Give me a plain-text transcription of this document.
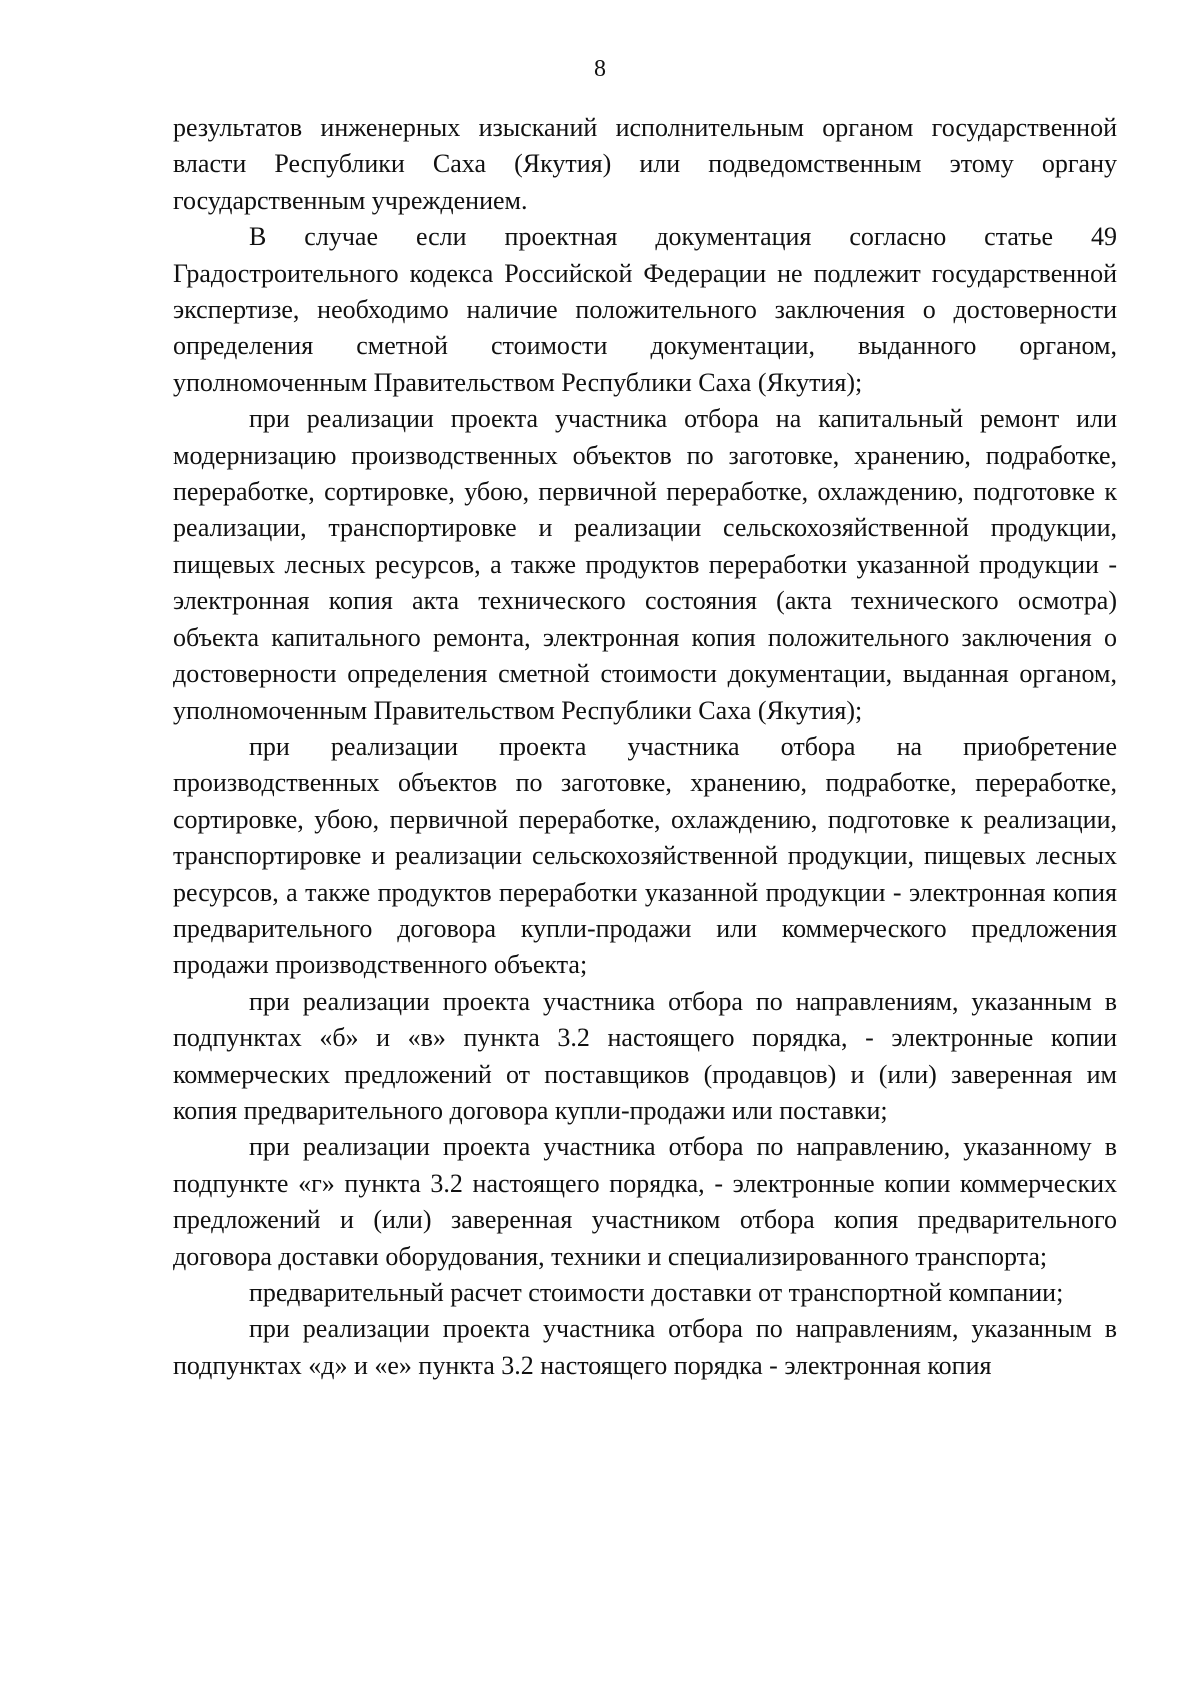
8

результатов инженерных изысканий исполнительным органом государственной власти Республики Саха (Якутия) или подведомственным этому органу государственным учреждением.

В случае если проектная документация согласно статье 49 Градостроительного кодекса Российской Федерации не подлежит государственной экспертизе, необходимо наличие положительного заключения о достоверности определения сметной стоимости документации, выданного органом, уполномоченным Правительством Республики Саха (Якутия);

при реализации проекта участника отбора на капитальный ремонт или модернизацию производственных объектов по заготовке, хранению, подработке, переработке, сортировке, убою, первичной переработке, охлаждению, подготовке к реализации, транспортировке и реализации сельскохозяйственной продукции, пищевых лесных ресурсов, а также продуктов переработки указанной продукции - электронная копия акта технического состояния (акта технического осмотра) объекта капитального ремонта, электронная копия положительного заключения о достоверности определения сметной стоимости документации, выданная органом, уполномоченным Правительством Республики Саха (Якутия);

при реализации проекта участника отбора на приобретение производственных объектов по заготовке, хранению, подработке, переработке, сортировке, убою, первичной переработке, охлаждению, подготовке к реализации, транспортировке и реализации сельскохозяйственной продукции, пищевых лесных ресурсов, а также продуктов переработки указанной продукции - электронная копия предварительного договора купли-продажи или коммерческого предложения продажи производственного объекта;

при реализации проекта участника отбора по направлениям, указанным в подпунктах «б» и «в» пункта 3.2 настоящего порядка, - электронные копии коммерческих предложений от поставщиков (продавцов) и (или) заверенная им копия предварительного договора купли-продажи или поставки;

при реализации проекта участника отбора по направлению, указанному в подпункте «г» пункта 3.2 настоящего порядка, - электронные копии коммерческих предложений и (или) заверенная участником отбора копия предварительного договора доставки оборудования, техники и специализированного транспорта;

предварительный расчет стоимости доставки от транспортной компании;

при реализации проекта участника отбора по направлениям, указанным в подпунктах «д» и «е» пункта 3.2 настоящего порядка - электронная копия
